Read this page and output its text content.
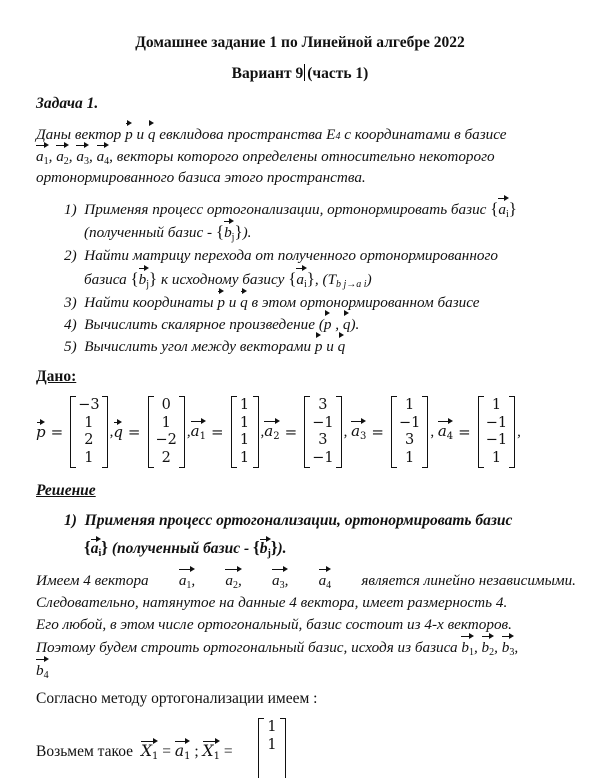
Домашнее задание 1 по Линейной алгебре 2022
Вариант 9 (часть 1)
Задача 1.
Даны вектор
p и
q евклидова пространства E4 с координатами в базисе
$a_1$,
$a_2$,
$a_3$,
$a_4$, векторы которого определены относительно некоторого
ортонормированного базиса этого пространства.
1) Применяя процесс ортогонализации, ортонормировать базис {
$a_i$}
(полученный базис - {
$b_j$}).
2) Найти матрицу перехода от полученного ортонормированного
базиса {
$b_j$} к исходному базису {
$a_i$}, $(T_{b j\to a i})$
3) Найти координаты
p и
q в этом ортонормированном базисе
4) Вычислить скалярное произведение (
p ,
q).
5) Вычислить угол между векторами
p и
q
Дано:
p =
−3
1
2
1
, q =
0
1
−2
2
, $a_1$ =
1
1
1
1
, $a_2$ =
3
−1
3
−1
, $a_3$ =
1
−1
3
1
, $a_4$ =
1
−1
−1
1
,
Решение
1) Применяя процесс ортогонализации, ортонормировать базис
{
$a_i$} (полученный базис - {
$b_j$}).
Имеем 4 вектора $a_1$, $a_2$, $a_3$, $a_4$ является линейно независимыми.
Следовательно, натянутое на данные 4 вектора, имеет размерность 4.
Его любой, в этом числе ортогональный, базис состоит из 4-х векторов.
Поэтому будем строить ортогональный базис, исходя из базиса $b_1$,
$b_2$,
$b_3$,
$b_4$
Согласно методу ортогонализации имеем :
Возьмем такое $X_1$ =
$a_1$ ;
$X_1$ =
1
1
